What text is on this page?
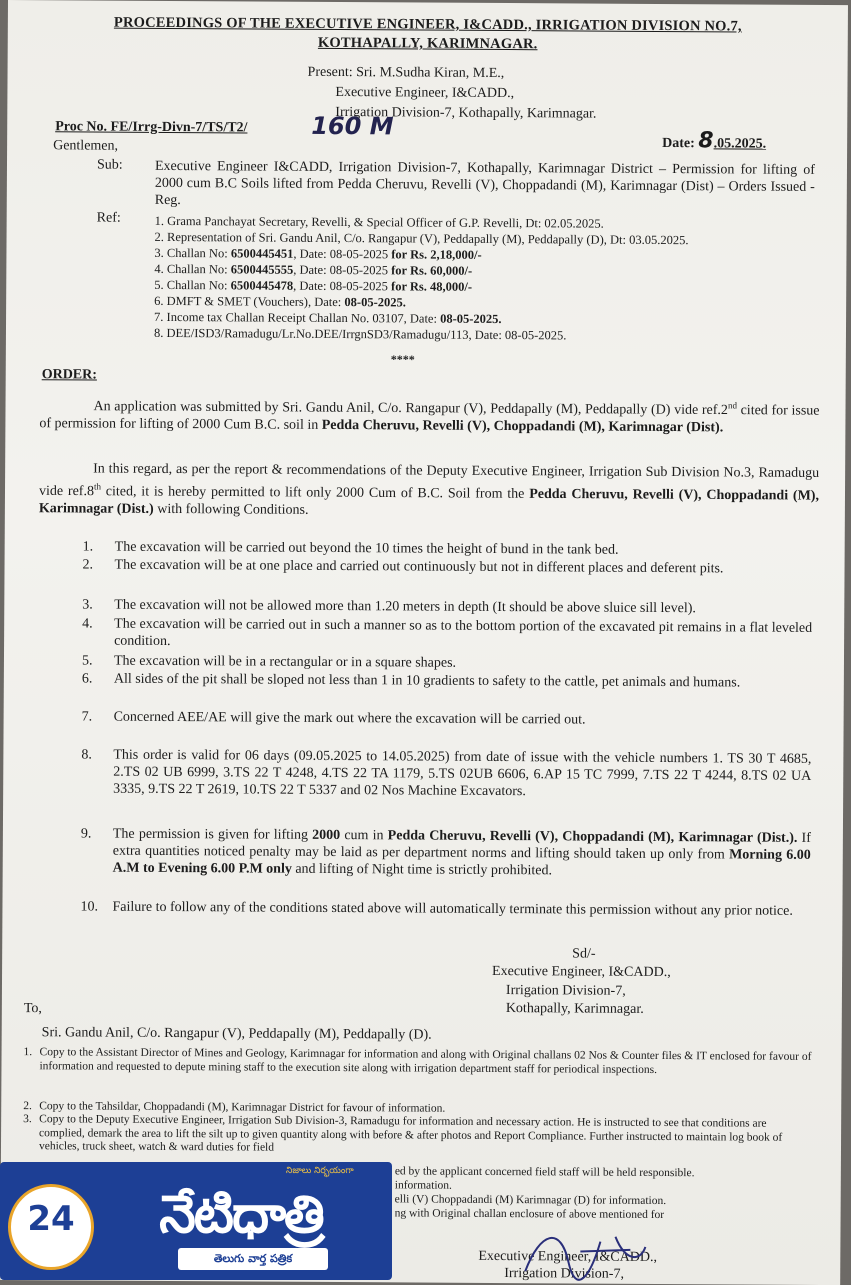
PROCEEDINGS OF THE EXECUTIVE ENGINEER, I&CADD., IRRIGATION DIVISION NO.7,
KOTHAPALLY, KARIMNAGAR.
Present: Sri. M.Sudha Kiran, M.E.,
Executive Engineer, I&CADD.,
Irrigation Division-7, Kothapally, Karimnagar.
Proc No. FE/Irrg-Divn-7/TS/T2/	160 M
Date: 8.05.2025.
Gentlemen,
Sub: Executive Engineer I&CADD, Irrigation Division-7, Kothapally, Karimnagar District – Permission for lifting of 2000 cum B.C Soils lifted from Pedda Cheruvu, Revelli (V), Choppadandi (M), Karimnagar (Dist) – Orders Issued - Reg.
Ref:	1. Grama Panchayat Secretary, Revelli, & Special Officer of G.P. Revelli, Dt: 02.05.2025.
2. Representation of Sri. Gandu Anil, C/o. Rangapur (V), Peddapally (M), Peddapally (D), Dt: 03.05.2025.
3. Challan No: 6500445451, Date: 08-05-2025 for Rs. 2,18,000/-
4. Challan No: 6500445555, Date: 08-05-2025 for Rs. 60,000/-
5. Challan No: 6500445478, Date: 08-05-2025 for Rs. 48,000/-
6. DMFT & SMET (Vouchers), Date: 08-05-2025.
7. Income tax Challan Receipt Challan No. 03107, Date: 08-05-2025.
8. DEE/ISD3/Ramadugu/Lr.No.DEE/IrrgnSD3/Ramadugu/113, Date: 08-05-2025.
****
ORDER:
An application was submitted by Sri. Gandu Anil, C/o. Rangapur (V), Peddapally (M), Peddapally (D) vide ref.2nd cited for issue of permission for lifting of 2000 Cum B.C. soil in Pedda Cheruvu, Revelli (V), Choppadandi (M), Karimnagar (Dist).
In this regard, as per the report & recommendations of the Deputy Executive Engineer, Irrigation Sub Division No.3, Ramadugu vide ref.8th cited, it is hereby permitted to lift only 2000 Cum of B.C. Soil from the Pedda Cheruvu, Revelli (V), Choppadandi (M), Karimnagar (Dist.) with following Conditions.
1.	The excavation will be carried out beyond the 10 times the height of bund in the tank bed.
2.	The excavation will be at one place and carried out continuously but not in different places and deferent pits.
3.	The excavation will not be allowed more than 1.20 meters in depth (It should be above sluice sill level).
4.	The excavation will be carried out in such a manner so as to the bottom portion of the excavated pit remains in a flat leveled condition.
5.	The excavation will be in a rectangular or in a square shapes.
6.	All sides of the pit shall be sloped not less than 1 in 10 gradients to safety to the cattle, pet animals and humans.
7.	Concerned AEE/AE will give the mark out where the excavation will be carried out.
8.	This order is valid for 06 days (09.05.2025 to 14.05.2025) from date of issue with the vehicle numbers 1. TS 30 T 4685, 2.TS 02 UB 6999, 3.TS 22 T 4248, 4.TS 22 TA 1179, 5.TS 02UB 6606, 6.AP 15 TC 7999, 7.TS 22 T 4244, 8.TS 02 UA 3335, 9.TS 22 T 2619, 10.TS 22 T 5337 and 02 Nos Machine Excavators.
9.	The permission is given for lifting 2000 cum in Pedda Cheruvu, Revelli (V), Choppadandi (M), Karimnagar (Dist.). If extra quantities noticed penalty may be laid as per department norms and lifting should taken up only from Morning 6.00 A.M to Evening 6.00 P.M only and lifting of Night time is strictly prohibited.
10.	Failure to follow any of the conditions stated above will automatically terminate this permission without any prior notice.
Sd/-
Executive Engineer, I&CADD.,
Irrigation Division-7,
Kothapally, Karimnagar.
To,
Sri. Gandu Anil, C/o. Rangapur (V), Peddapally (M), Peddapally (D).
1. Copy to the Assistant Director of Mines and Geology, Karimnagar for information and along with Original challans 02 Nos & Counter files & IT enclosed for favour of information and requested to depute mining staff to the execution site along with irrigation department staff for periodical inspections.
2. Copy to the Tahsildar, Choppadandi (M), Karimnagar District for favour of information.
3. Copy to the Deputy Executive Engineer, Irrigation Sub Division-3, Ramadugu for information and necessary action. He is instructed to see that conditions are complied, demark the area to lift the silt up to given quantity along with before & after photos and Report Compliance. Further instructed to maintain log book of vehicles, truck sheet, watch & ward duties for field
ed by the applicant concerned field staff will be held responsible.
information.
elli (V) Choppadandi (M) Karimnagar (D) for information.
ng with Original challan enclosure of above mentioned for
Executive Engineer, I&CADD.,
Irrigation Division-7,
24
నిజాలు నిర్భయంగా
నేటిధాత్రి
తెలుగు వార్త పత్రిక
